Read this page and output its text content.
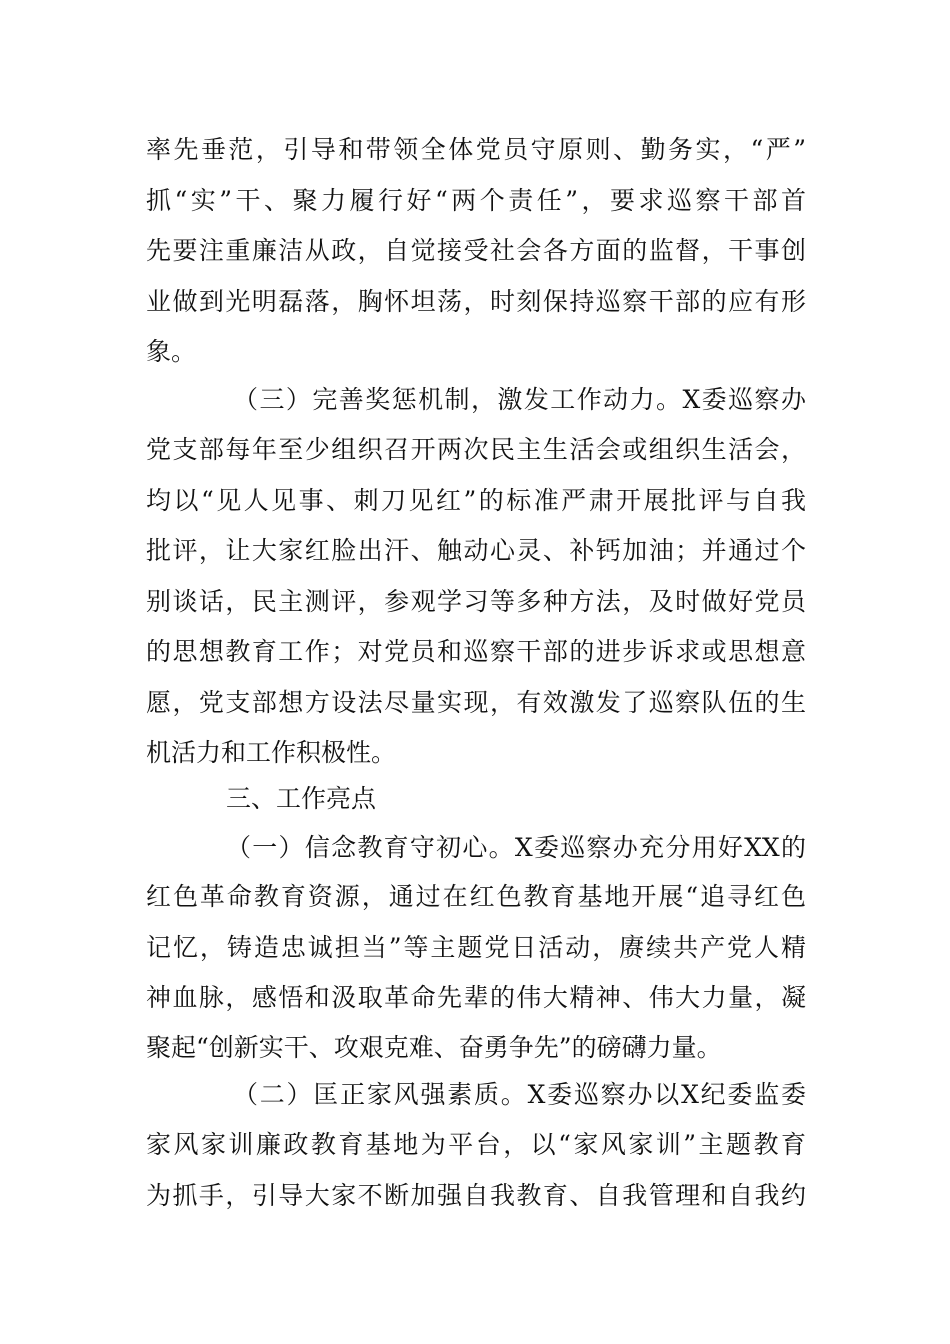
率先垂范，引导和带领全体党员守原则、勤务实，“严”
抓“实”干、聚力履行好“两个责任”，要求巡察干部首
先要注重廉洁从政，自觉接受社会各方面的监督，干事创
业做到光明磊落，胸怀坦荡，时刻保持巡察干部的应有形
象。
（三）完善奖惩机制，激发工作动力。X委巡察办
党支部每年至少组织召开两次民主生活会或组织生活会，
均以“见人见事、刺刀见红”的标准严肃开展批评与自我
批评，让大家红脸出汗、触动心灵、补钙加油；并通过个
别谈话，民主测评，参观学习等多种方法，及时做好党员
的思想教育工作；对党员和巡察干部的进步诉求或思想意
愿，党支部想方设法尽量实现，有效激发了巡察队伍的生
机活力和工作积极性。
三、工作亮点
（一）信念教育守初心。X委巡察办充分用好XX的
红色革命教育资源，通过在红色教育基地开展“追寻红色
记忆，铸造忠诚担当”等主题党日活动，赓续共产党人精
神血脉，感悟和汲取革命先辈的伟大精神、伟大力量，凝
聚起“创新实干、攻艰克难、奋勇争先”的磅礴力量。
（二）匡正家风强素质。X委巡察办以X纪委监委
家风家训廉政教育基地为平台，以“家风家训”主题教育
为抓手，引导大家不断加强自我教育、自我管理和自我约
